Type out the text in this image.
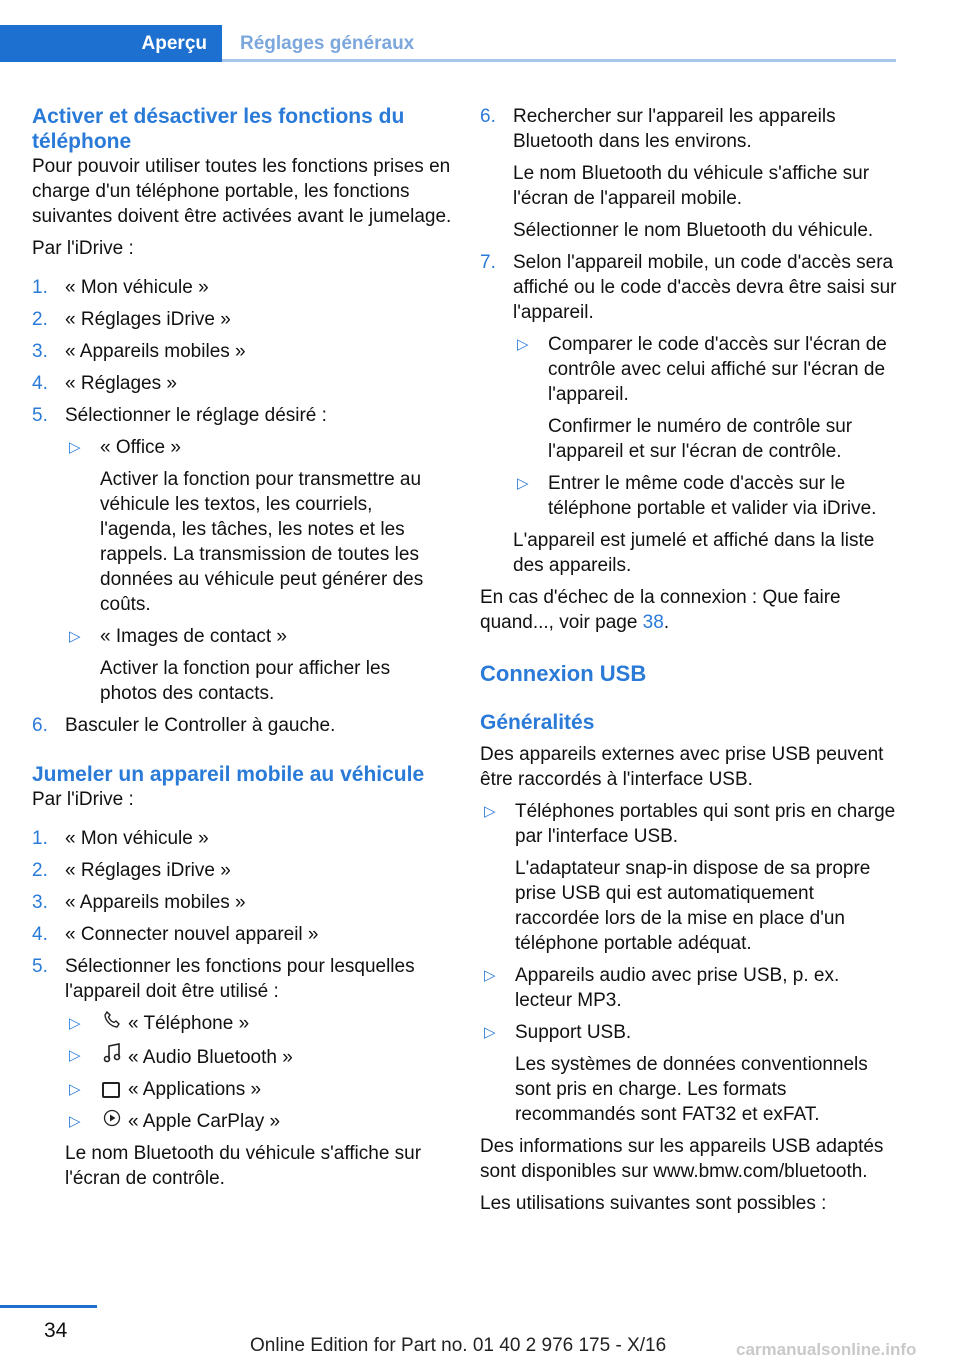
Aperçu	Réglages généraux
Activer et désactiver les fonctions du téléphone

Pour pouvoir utiliser toutes les fonctions prises en charge d'un téléphone portable, les fonctions suivantes doivent être activées avant le jumelage.

Par l'iDrive :

1. « Mon véhicule »
2. « Réglages iDrive »
3. « Appareils mobiles »
4. « Réglages »
5. Sélectionner le réglage désiré :
▷ « Office »
Activer la fonction pour transmettre au véhicule les textos, les courriels, l'agenda, les tâches, les notes et les rappels. La transmission de toutes les données au véhicule peut générer des coûts.
▷ « Images de contact »
Activer la fonction pour afficher les photos des contacts.
6. Basculer le Controller à gauche.
Jumeler un appareil mobile au véhicule

Par l'iDrive :

1. « Mon véhicule »
2. « Réglages iDrive »
3. « Appareils mobiles »
4. « Connecter nouvel appareil »
5. Sélectionner les fonctions pour lesquelles l'appareil doit être utilisé :
▷ « Téléphone »
▷ « Audio Bluetooth »
▷ « Applications »
▷ « Apple CarPlay »
Le nom Bluetooth du véhicule s'affiche sur l'écran de contrôle.
6. Rechercher sur l'appareil les appareils Bluetooth dans les environs.
Le nom Bluetooth du véhicule s'affiche sur l'écran de l'appareil mobile.
Sélectionner le nom Bluetooth du véhicule.
7. Selon l'appareil mobile, un code d'accès sera affiché ou le code d'accès devra être saisi sur l'appareil.
▷ Comparer le code d'accès sur l'écran de contrôle avec celui affiché sur l'écran de l'appareil.
Confirmer le numéro de contrôle sur l'appareil et sur l'écran de contrôle.
▷ Entrer le même code d'accès sur le téléphone portable et valider via iDrive.
L'appareil est jumelé et affiché dans la liste des appareils.

En cas d'échec de la connexion : Que faire quand..., voir page 38.

Connexion USB
Généralités

Des appareils externes avec prise USB peuvent être raccordés à l'interface USB.

▷ Téléphones portables qui sont pris en charge par l'interface USB.
L'adaptateur snap-in dispose de sa propre prise USB qui est automatiquement raccordée lors de la mise en place d'un téléphone portable adéquat.
▷ Appareils audio avec prise USB, p. ex. lecteur MP3.
▷ Support USB.
Les systèmes de données conventionnels sont pris en charge. Les formats recommandés sont FAT32 et exFAT.

Des informations sur les appareils USB adaptés sont disponibles sur www.bmw.com/bluetooth.

Les utilisations suivantes sont possibles :

34
Online Edition for Part no. 01 40 2 976 175 - X/16	carmanualsonline.info
